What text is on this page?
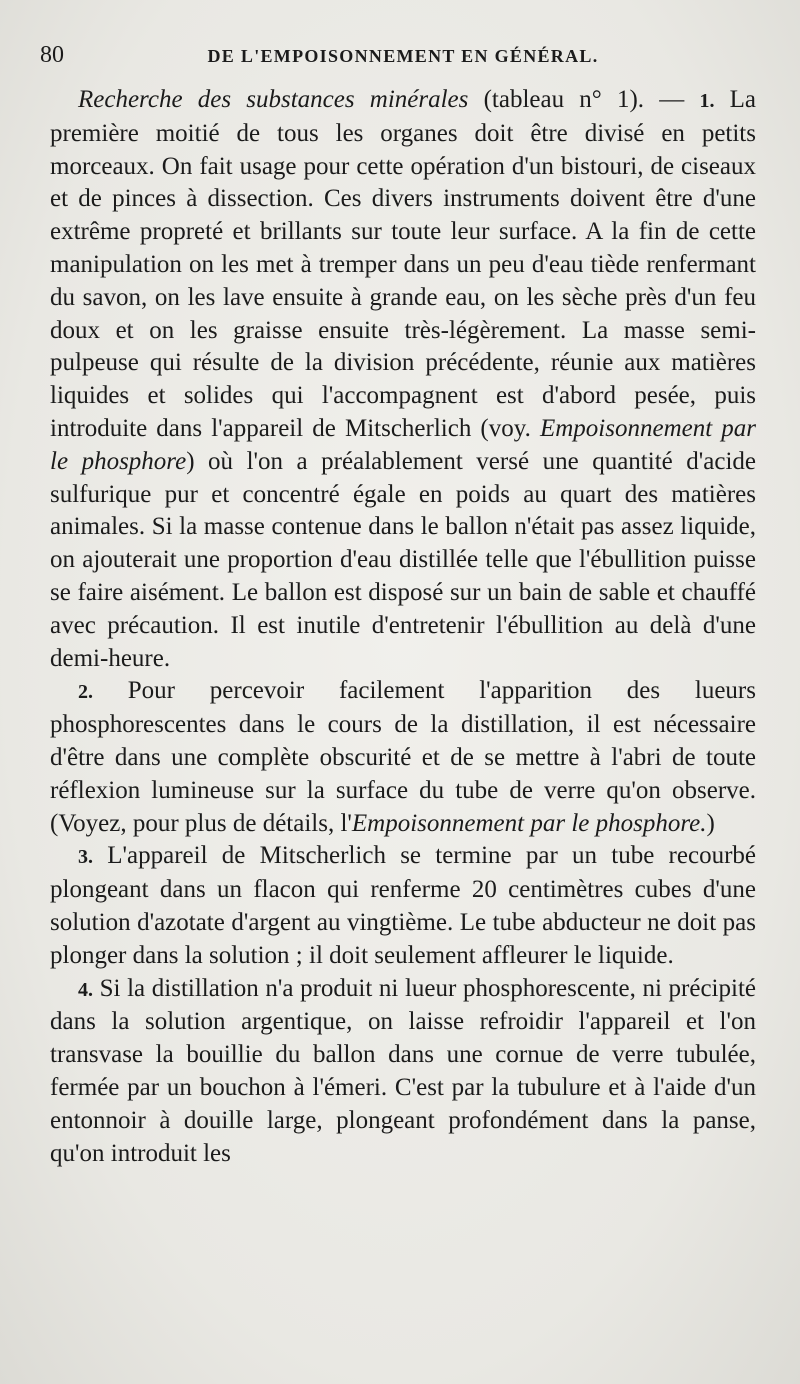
80	DE L'EMPOISONNEMENT EN GÉNÉRAL.

Recherche des substances minérales (tableau n° 1). — 1. La première moitié de tous les organes doit être divisé en petits morceaux. On fait usage pour cette opération d'un bistouri, de ciseaux et de pinces à dissection. Ces divers instruments doivent être d'une extrême propreté et brillants sur toute leur surface. A la fin de cette manipulation on les met à tremper dans un peu d'eau tiède renfermant du savon, on les lave ensuite à grande eau, on les sèche près d'un feu doux et on les graisse ensuite très-légèrement. La masse semi-pulpeuse qui résulte de la division précédente, réunie aux matières liquides et solides qui l'accompagnent est d'abord pesée, puis introduite dans l'appareil de Mitscherlich (voy. Empoisonnement par le phosphore) où l'on a préalablement versé une quantité d'acide sulfurique pur et concentré égale en poids au quart des matières animales. Si la masse contenue dans le ballon n'était pas assez liquide, on ajouterait une proportion d'eau distillée telle que l'ébullition puisse se faire aisément. Le ballon est disposé sur un bain de sable et chauffé avec précaution. Il est inutile d'entretenir l'ébullition au delà d'une demi-heure.

2. Pour percevoir facilement l'apparition des lueurs phosphorescentes dans le cours de la distillation, il est nécessaire d'être dans une complète obscurité et de se mettre à l'abri de toute réflexion lumineuse sur la surface du tube de verre qu'on observe. (Voyez, pour plus de détails, l'Empoisonnement par le phosphore.)

3. L'appareil de Mitscherlich se termine par un tube recourbé plongeant dans un flacon qui renferme 20 centimètres cubes d'une solution d'azotate d'argent au vingtième. Le tube abducteur ne doit pas plonger dans la solution ; il doit seulement affleurer le liquide.

4. Si la distillation n'a produit ni lueur phosphorescente, ni précipité dans la solution argentique, on laisse refroidir l'appareil et l'on transvase la bouillie du ballon dans une cornue de verre tubulée, fermée par un bouchon à l'émeri. C'est par la tubulure et à l'aide d'un entonnoir à douille large, plongeant profondément dans la panse, qu'on introduit les
